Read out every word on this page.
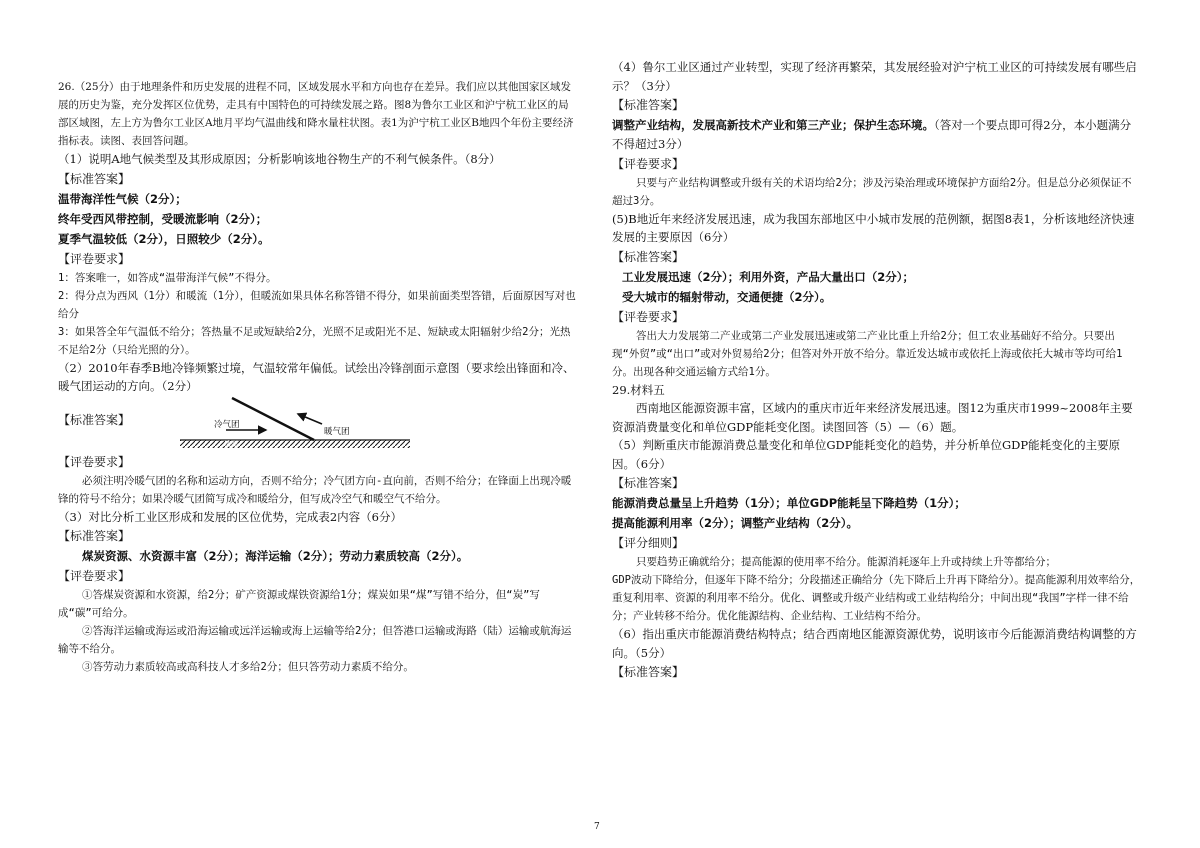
26.（25分）由于地理条件和历史发展的进程不同，区域发展水平和方向也存在差异。我们应以其他国家区域发展的历史为鉴，充分发挥区位优势，走具有中国特色的可持续发展之路。图8为鲁尔工业区和沪宁杭工业区的局部区域图，左上方为鲁尔工业区A地月平均气温曲线和降水量柱状图。表1为沪宁杭工业区B地四个年份主要经济指标表。读图、表回答问题。

（1）说明A地气候类型及其形成原因；分析影响该地谷物生产的不利气候条件。（8分）

【标准答案】

温带海洋性气候（2分）；

终年受西风带控制，受暖流影响（2分）；

夏季气温较低（2分），日照较少（2分）。

【评卷要求】

1：答案唯一，如答成“温带海洋气候”不得分。

2：得分点为西风（1分）和暖流（1分），但暖流如果具体名称答错不得分，如果前面类型答错，后面原因写对也给分

3：如果答全年气温低不给分；答热量不足或短缺给2分，光照不足或阳光不足、短缺或太阳辐射少给2分；光热不足给2分（只给光照的分）。

（2）2010年春季B地冷锋频繁过境，气温较常年偏低。试绘出冷锋剖面示意图（要求绘出锋面和冷、暖气团运动的方向。（2分）

【标准答案】	冷气团
暖气团
地面

【评卷要求】

必须注明冷暖气团的名称和运动方向，否则不给分；冷气团方向-直向前，否则不给分；在锋面上出现冷暖锋的符号不给分；如果冷暖气团简写成冷和暖给分，但写成冷空气和暖空气不给分。

（3）对比分析工业区形成和发展的区位优势，完成表2内容（6分）

【标准答案】

煤炭资源、水资源丰富（2分）；海洋运输（2分）；劳动力素质较高（2分）。

【评卷要求】

①答煤炭资源和水资源，给2分；矿产资源或煤铁资源给1分；煤炭如果“煤”写错不给分，但“炭”写成“碳”可给分。

②答海洋运输或海运或沿海运输或远洋运输或海上运输等给2分；但答港口运输或海路（陆）运输或航海运输等不给分。

③答劳动力素质较高或高科技人才多给2分；但只答劳动力素质不给分。

（4）鲁尔工业区通过产业转型，实现了经济再繁荣，其发展经验对沪宁杭工业区的可持续发展有哪些启示？（3分）

【标准答案】

调整产业结构，发展高新技术产业和第三产业；保护生态环境。（答对一个要点即可得2分，本小题满分不得超过3分）

【评卷要求】

只要与产业结构调整或升级有关的术语均给2分；涉及污染治理或环境保护方面给2分。但是总分必须保证不超过3分。

(5)B地近年来经济发展迅速，成为我国东部地区中小城市发展的范例额，据图8表1，分析该地经济快速发展的主要原因（6分）

【标准答案】

工业发展迅速（2分）；利用外资，产品大量出口（2分）；

受大城市的辐射带动，交通便捷（2分）。

【评卷要求】

答出大力发展第二产业或第二产业发展迅速或第二产业比重上升给2分；但工农业基础好不给分。只要出现“外贸”或“出口”或对外贸易给2分；但答对外开放不给分。靠近发达城市或依托上海或依托大城市等均可给1分。出现各种交通运输方式给1分。

29.材料五

西南地区能源资源丰富，区域内的重庆市近年来经济发展迅速。图12为重庆市1999~2008年主要资源消费量变化和单位GDP能耗变化图。读图回答（5）—（6）题。

（5）判断重庆市能源消费总量变化和单位GDP能耗变化的趋势，并分析单位GDP能耗变化的主要原因。（6分）

【标准答案】

能源消费总量呈上升趋势（1分）；单位GDP能耗呈下降趋势（1分）；

提高能源利用率（2分）；调整产业结构（2分）。

【评分细则】

只要趋势正确就给分；提高能源的使用率不给分。能源消耗逐年上升或持续上升等都给分；

GDP波动下降给分，但逐年下降不给分；分段描述正确给分（先下降后上升再下降给分）。提高能源利用效率给分，重复利用率、资源的利用率不给分。优化、调整或升级产业结构或工业结构给分；中间出现“我国”字样一律不给分；产业转移不给分。优化能源结构、企业结构、工业结构不给分。

（6）指出重庆市能源消费结构特点；结合西南地区能源资源优势，说明该市今后能源消费结构调整的方向。（5分）

【标准答案】

7
